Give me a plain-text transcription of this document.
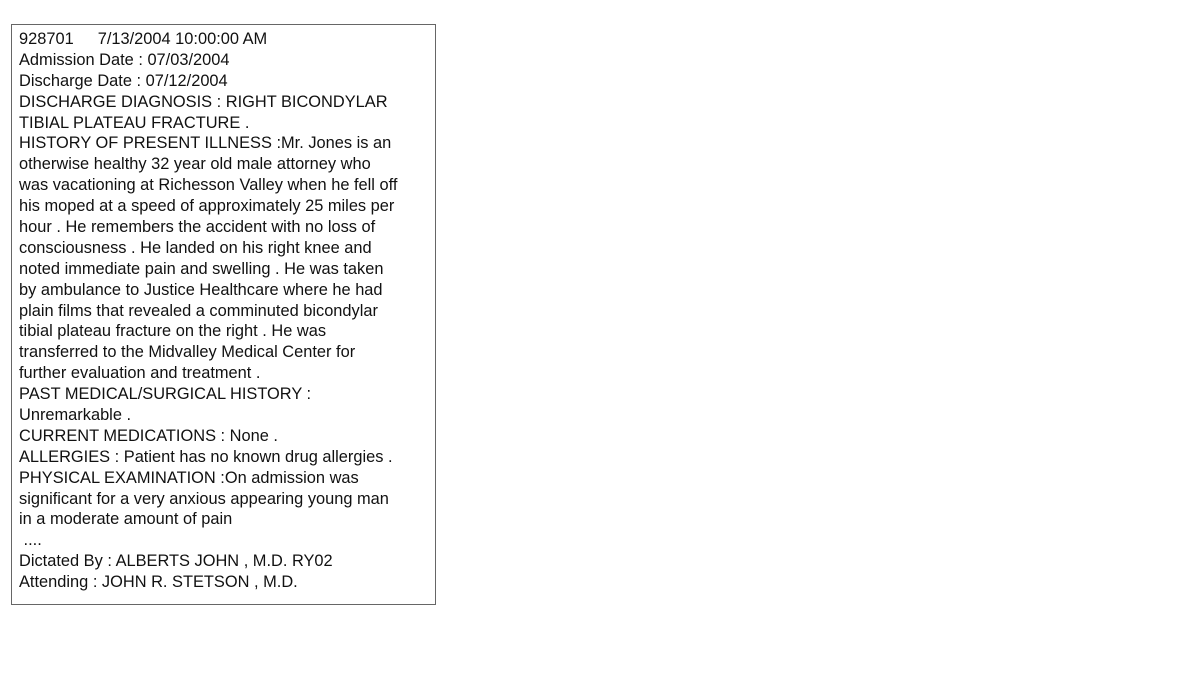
928701 7/13/2004 10:00:00 AM
Admission Date : 07/03/2004
Discharge Date : 07/12/2004
DISCHARGE DIAGNOSIS : RIGHT BICONDYLAR
TIBIAL PLATEAU FRACTURE .
HISTORY OF PRESENT ILLNESS :Mr. Jones is an
otherwise healthy 32 year old male attorney who
was vacationing at Richesson Valley when he fell off
his moped at a speed of approximately 25 miles per
hour . He remembers the accident with no loss of
consciousness . He landed on his right knee and
noted immediate pain and swelling . He was taken
by ambulance to Justice Healthcare where he had
plain films that revealed a comminuted bicondylar
tibial plateau fracture on the right . He was
transferred to the Midvalley Medical Center for
further evaluation and treatment .
PAST MEDICAL/SURGICAL HISTORY :
Unremarkable .
CURRENT MEDICATIONS : None .
ALLERGIES : Patient has no known drug allergies .
PHYSICAL EXAMINATION :On admission was
significant for a very anxious appearing young man
in a moderate amount of pain
....
Dictated By : ALBERTS JOHN , M.D. RY02
Attending : JOHN R. STETSON , M.D.
